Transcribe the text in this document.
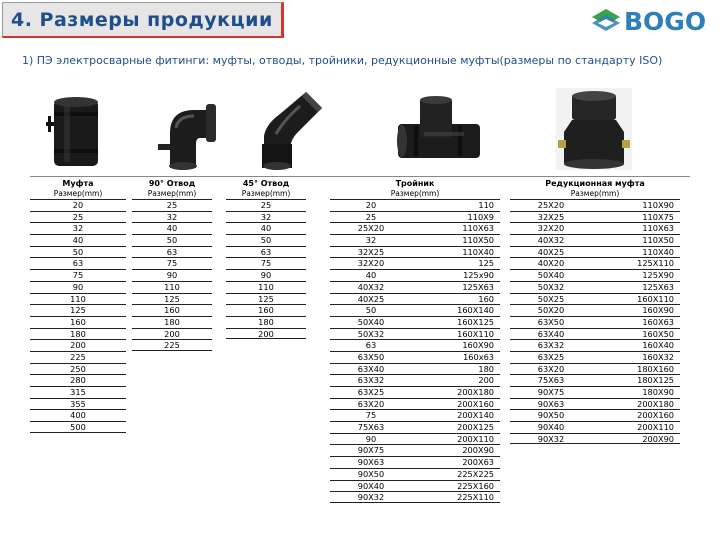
4. Размеры продукции	BOGO
1) ПЭ электросварные фитинги: муфты, отводы, тройники, редукционные муфты(размеры по стандарту ISO)
Муфта
Размер(mm)
20
25
32
40
50
63
75
90
110
125
160
180
200
225
250
280
315
355
400
500
90° Отвод
Размер(mm)
25
32
40
50
63
75
90
110
125
160
180
200
225
45° Отвод
Размер(mm)
25
32
40
50
63
75
90
110
125
160
180
200
Тройник
Размер(mm)
20	110
25	110X9
25X20	110X63
32	110X50
32X25	110X40
32X20	125
40	125x90
40X32	125X63
40X25	160
50	160X140
50X40	160X125
50X32	160X110
63	160X90
63X50	160x63
63X40	180
63X32	200
63X25	200X180
63X20	200X160
75	200X140
75X63	200X125
90	200X110
90X75	200X90
90X63	200X63
90X50	225X225
90X40	225X160
90X32	225X110
Редукционная муфта
Размер(mm)
25X20	110X90
32X25	110X75
32X20	110X63
40X32	110X50
40X25	110X40
40X20	125X110
50X40	125X90
50X32	125X63
50X25	160X110
50X20	160X90
63X50	160X63
63X40	160X50
63X32	160X40
63X25	160X32
63X20	180X160
75X63	180X125
90X75	180X90
90X63	200X180
90X50	200X160
90X40	200X110
90X32	200X90
